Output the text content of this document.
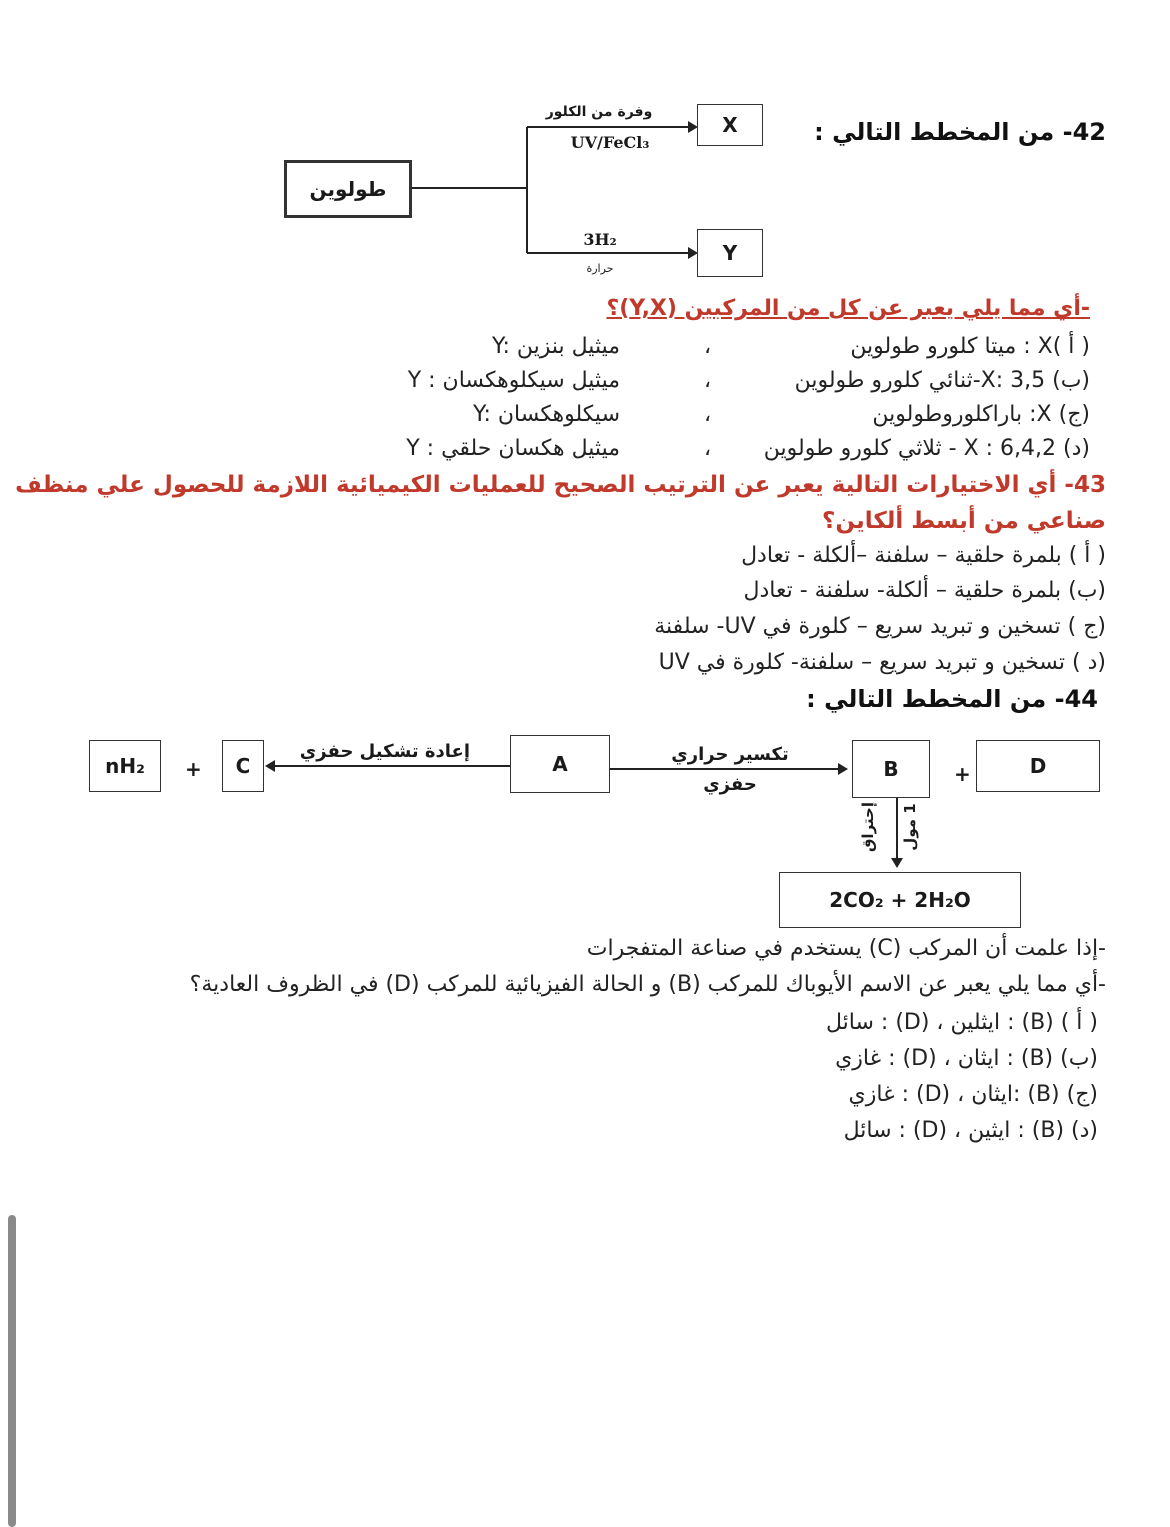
طولوين
وفرة من الكلور
UV/FeCl₃
3H₂
حرارة
X
Y
42- من المخطط التالي :
-أي مما يلي يعبر عن كل من المركبين (Y,X)؟
( أ )X : ميتا كلورو طولوين
،
Y: ميثيل بنزين
(ب) X: 3,5-ثنائي كلورو طولوين
،
Y : ميثيل سيكلوهكسان
(ج) X: باراكلوروطولوين
،
Y: سيكلوهكسان
(د) X : 6,4,2 - ثلاثي كلورو طولوين
،
Y : ميثيل هكسان حلقي
43- أي الاختيارات التالية يعبر عن الترتيب الصحيح للعمليات الكيميائية اللازمة للحصول علي منظف
صناعي من أبسط ألكاين؟
( أ ) بلمرة حلقية – سلفنة –ألكلة - تعادل
(ب) بلمرة حلقية – ألكلة- سلفنة - تعادل
(ج ) تسخين و تبريد سريع – كلورة في UV- سلفنة
(د ) تسخين و تبريد سريع – سلفنة- كلورة في UV
44- من المخطط التالي :
nH₂ + C
إعادة تشكيل حفزي
A	تكسير حراري
حفزي
B	+	D
إحتراق 1 مول
2CO₂ + 2H₂O
-إذا علمت أن المركب (C) يستخدم في صناعة المتفجرات
-أي مما يلي يعبر عن الاسم الأيوباك للمركب (B) و الحالة الفيزيائية للمركب (D) في الظروف العادية؟
( أ ) (B) : ايثلين ، (D) : سائل
(ب) (B) : ايثان ، (D) : غازي
(ج) (B) :ايثان ، (D) : غازي
(د) (B) : ايثين ، (D) : سائل
